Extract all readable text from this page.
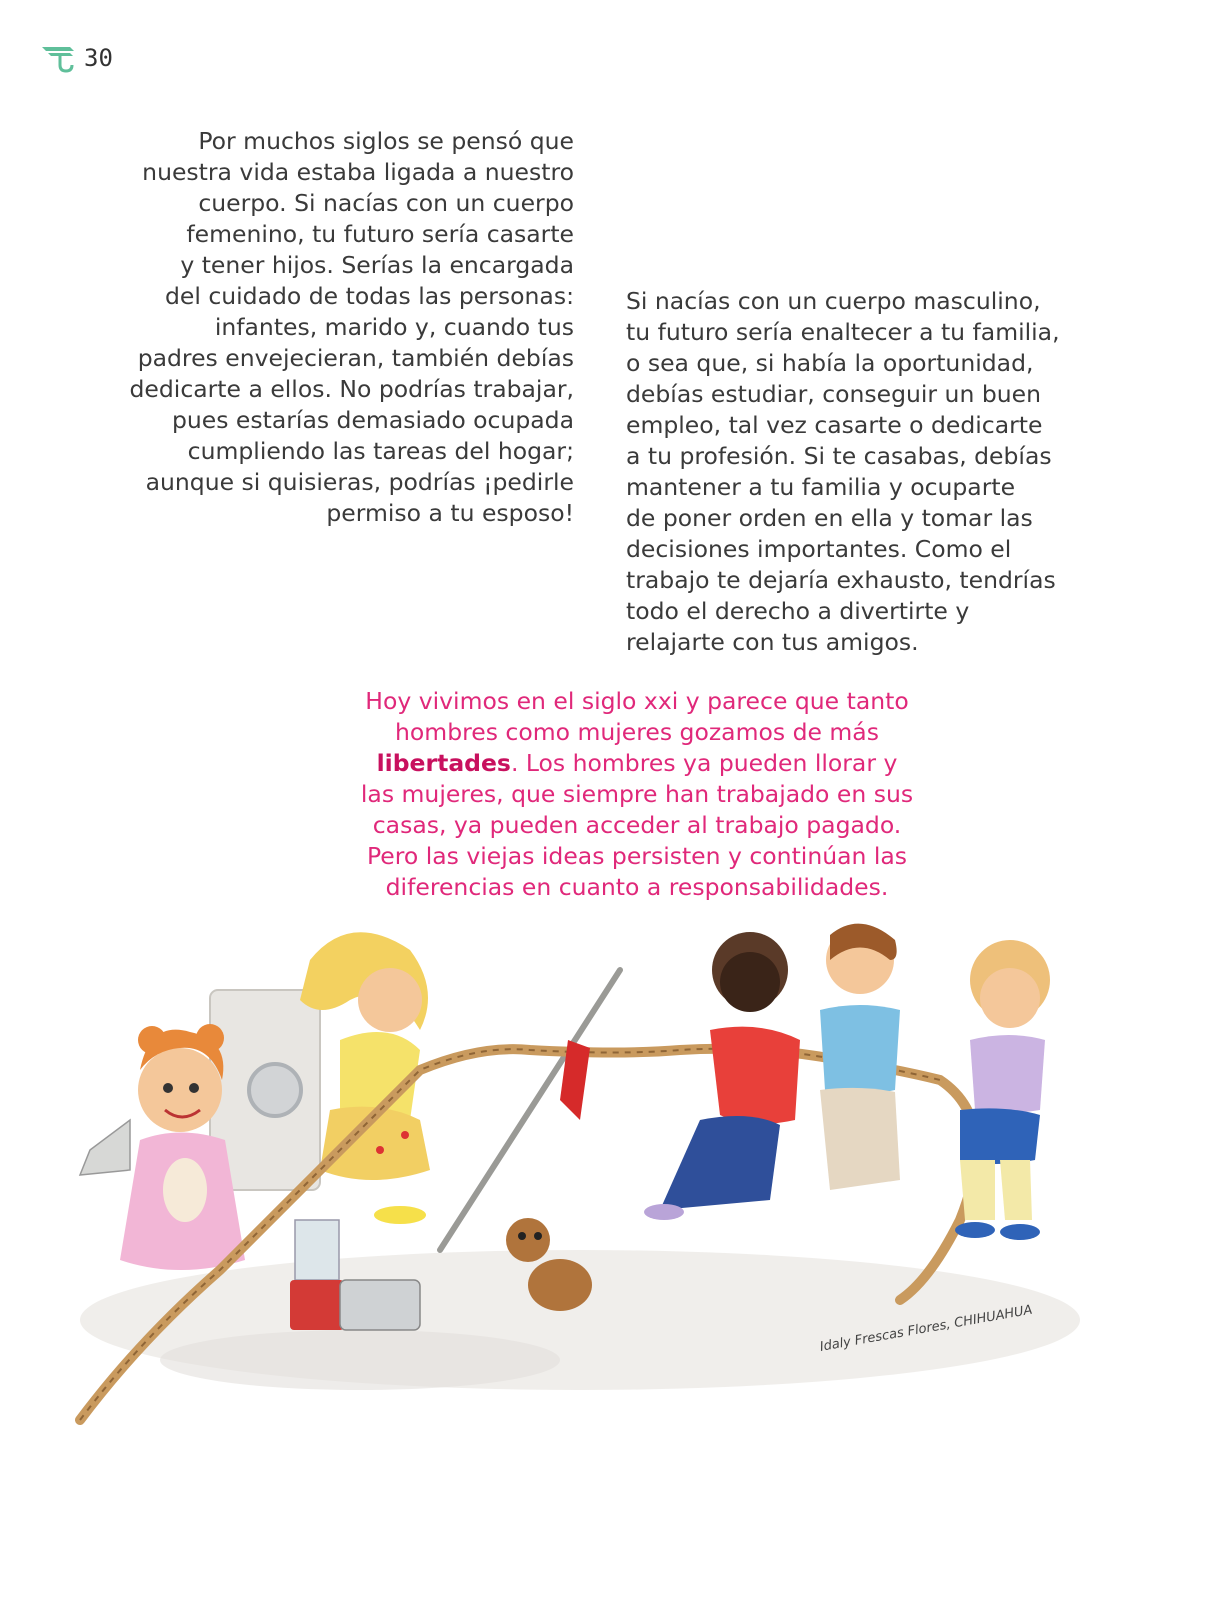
30

Por muchos siglos se pensó que
nuestra vida estaba ligada a nuestro
cuerpo. Si nacías con un cuerpo
femenino, tu futuro sería casarte
y tener hijos. Serías la encargada
del cuidado de todas las personas:
infantes, marido y, cuando tus
padres envejecieran, también debías
dedicarte a ellos. No podrías trabajar,
pues estarías demasiado ocupada
cumpliendo las tareas del hogar;
aunque si quisieras, podrías ¡pedirle
permiso a tu esposo!

Si nacías con un cuerpo masculino,
tu futuro sería enaltecer a tu familia,
o sea que, si había la oportunidad,
debías estudiar, conseguir un buen
empleo, tal vez casarte o dedicarte
a tu profesión. Si te casabas, debías
mantener a tu familia y ocuparte
de poner orden en ella y tomar las
decisiones importantes. Como el
trabajo te dejaría exhausto, tendrías
todo el derecho a divertirte y
relajarte con tus amigos.

Hoy vivimos en el siglo xxi y parece que tanto
hombres como mujeres gozamos de más
libertades. Los hombres ya pueden llorar y
las mujeres, que siempre han trabajado en sus
casas, ya pueden acceder al trabajo pagado.
Pero las viejas ideas persisten y continúan las
diferencias en cuanto a responsabilidades.

Idaly Frescas Flores, CHIHUAHUA
